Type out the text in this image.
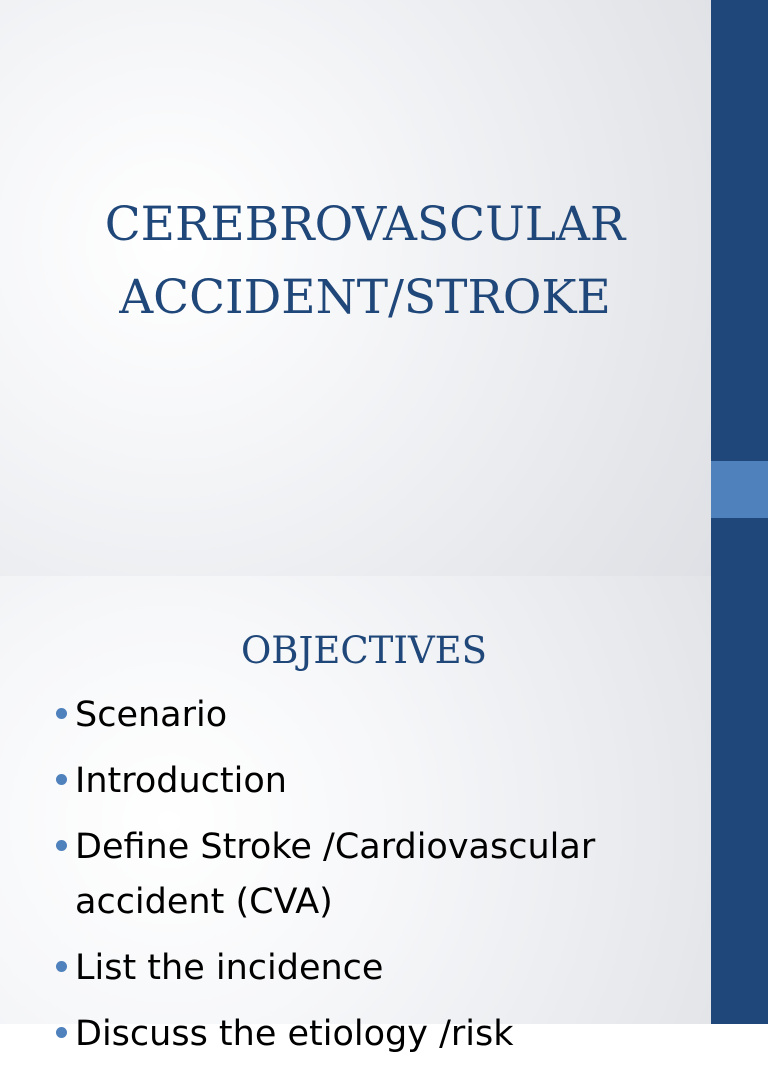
CEREBROVASCULAR
ACCIDENT/STROKE
OBJECTIVES
Scenario
Introduction
Define Stroke /Cardiovascular accident (CVA)
List the incidence
Discuss the etiology /risk
